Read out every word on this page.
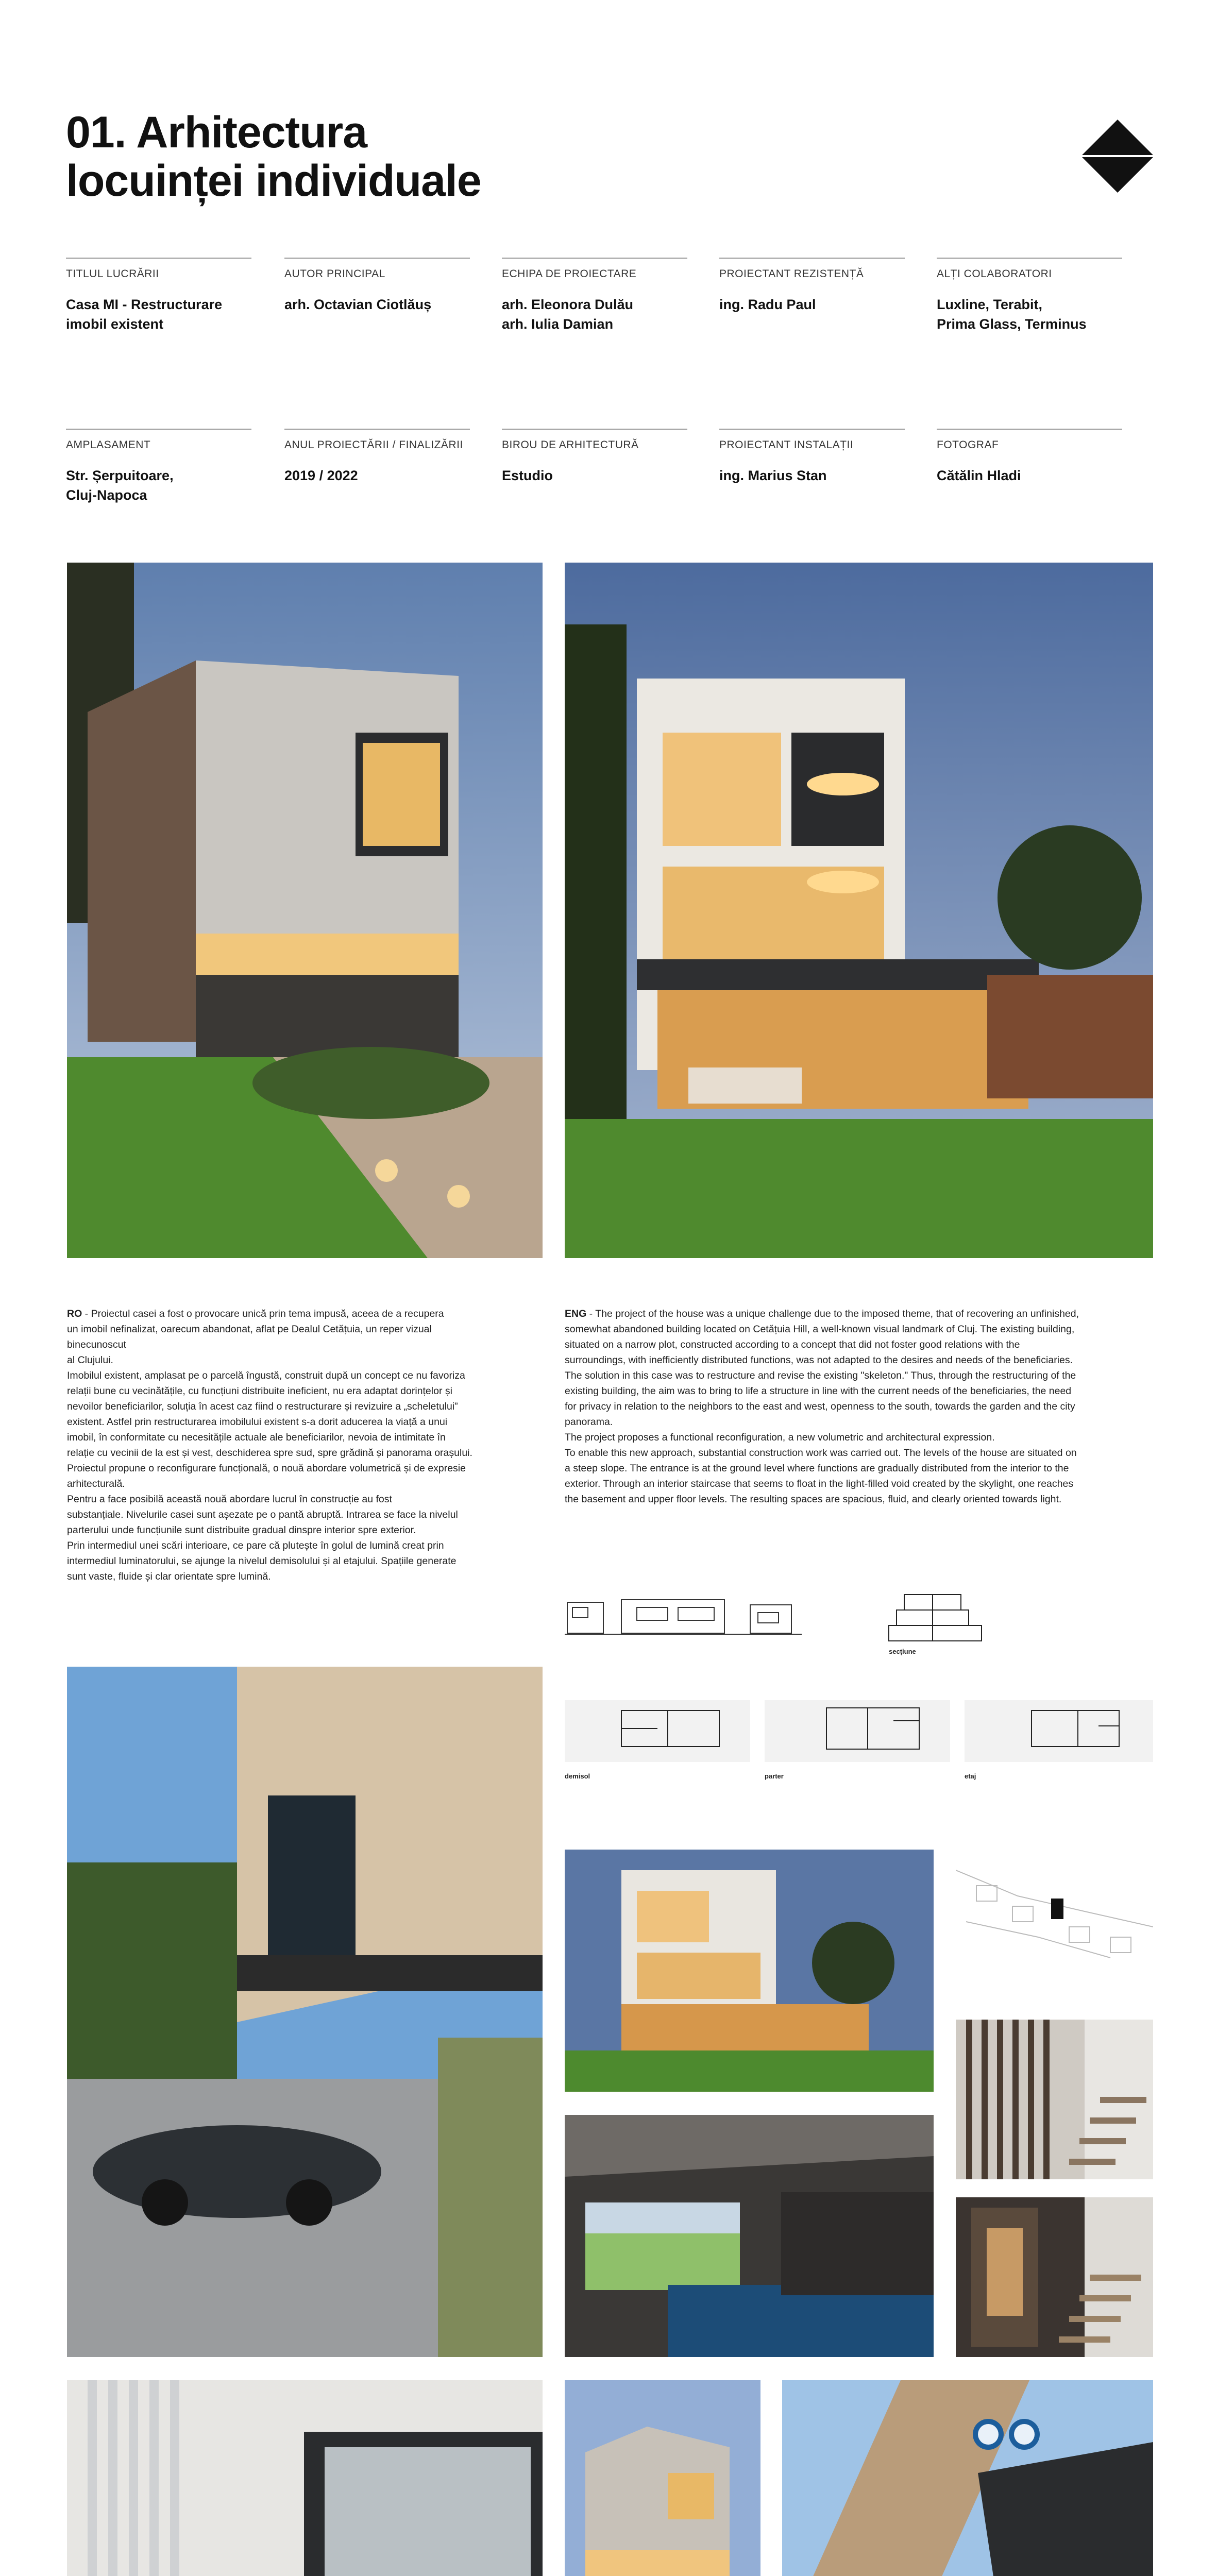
01. Arhitectura
locuinței individuale
TITLUL LUCRĂRII
Casa MI - Restructurare
imobil existent
AUTOR PRINCIPAL
arh. Octavian Ciotlăuș
ECHIPA DE PROIECTARE
arh. Eleonora Dulău
arh. Iulia Damian
PROIECTANT REZISTENȚĂ
ing. Radu Paul
ALȚI COLABORATORI
Luxline, Terabit,
Prima Glass, Terminus
AMPLASAMENT
Str. Șerpuitoare,
Cluj-Napoca
ANUL PROIECTĂRII / FINALIZĂRII
2019 / 2022
BIROU DE ARHITECTURĂ
Estudio
PROIECTANT INSTALAȚII
ing. Marius Stan
FOTOGRAF
Cătălin Hladi
RO - Proiectul casei a fost o provocare unică prin tema impusă, aceea de a recupera
un imobil nefinalizat, oarecum abandonat, aflat pe Dealul Cetățuia, un reper vizual
binecunoscut
al Clujului.
Imobilul existent, amplasat pe o parcelă îngustă, construit după un concept ce nu favoriza
relații bune cu vecinătățile, cu funcțiuni distribuite ineficient, nu era adaptat dorințelor și
nevoilor beneficiarilor, soluția în acest caz fiind o restructurare și revizuire a „scheletului”
existent. Astfel prin restructurarea imobilului existent s-a dorit aducerea la viață a unui
imobil, în conformitate cu necesitățile actuale ale beneficiarilor, nevoia de intimitate în
relație cu vecinii de la est și vest, deschiderea spre sud, spre grădină și panorama orașului.
Proiectul propune o reconfigurare funcțională, o nouă abordare volumetrică și de expresie
arhitecturală.
Pentru a face posibilă această nouă abordare lucrul în construcție au fost
substanțiale. Nivelurile casei sunt așezate pe o pantă abruptă. Intrarea se face la nivelul
parterului unde funcțiunile sunt distribuite gradual dinspre interior spre exterior.
Prin intermediul unei scări interioare, ce pare că plutește în golul de lumină creat prin
intermediul luminatorului, se ajunge la nivelul demisolului și al etajului. Spațiile generate
sunt vaste, fluide și clar orientate spre lumină.
ENG - The project of the house was a unique challenge due to the imposed theme, that of recovering an unfinished,
somewhat abandoned building located on Cetățuia Hill, a well-known visual landmark of Cluj. The existing building,
situated on a narrow plot, constructed according to a concept that did not foster good relations with the
surroundings, with inefficiently distributed functions, was not adapted to the desires and needs of the beneficiaries.
The solution in this case was to restructure and revise the existing "skeleton." Thus, through the restructuring of the
existing building, the aim was to bring to life a structure in line with the current needs of the beneficiaries, the need
for privacy in relation to the neighbors to the east and west, openness to the south, towards the garden and the city
panorama.
The project proposes a functional reconfiguration, a new volumetric and architectural expression.
To enable this new approach, substantial construction work was carried out. The levels of the house are situated on
a steep slope. The entrance is at the ground level where functions are gradually distributed from the interior to the
exterior. Through an interior staircase that seems to float in the light-filled void created by the skylight, one reaches
the basement and upper floor levels. The resulting spaces are spacious, fluid, and clearly oriented towards light.
secțiune
demisol	parter	etaj
